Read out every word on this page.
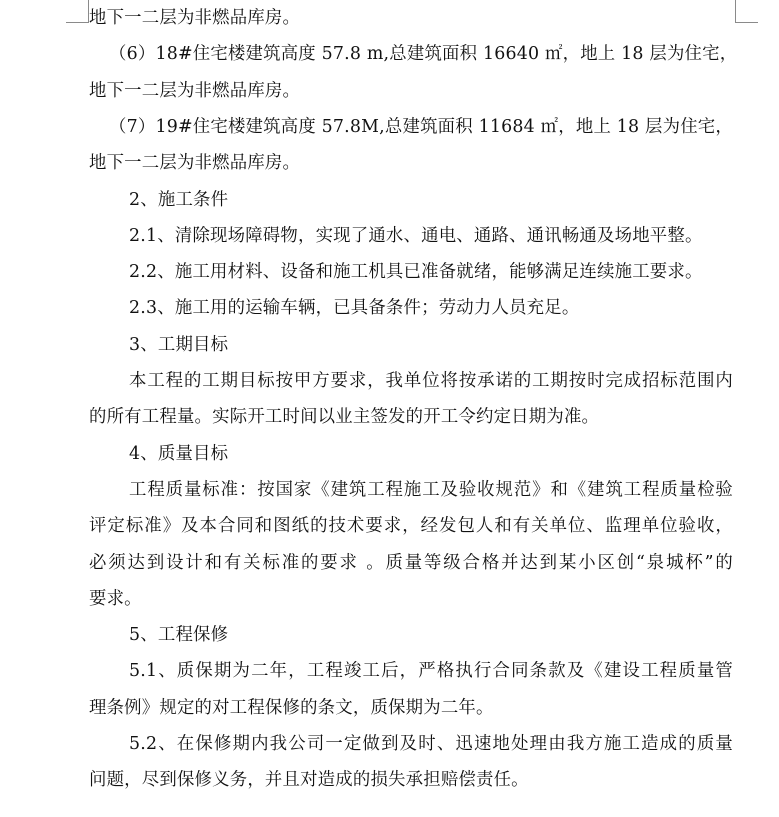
地下一二层为非燃品库房。
（6）18#住宅楼建筑高度 57.8 m,总建筑面积 16640 ㎡，地上 18 层为住宅，
地下一二层为非燃品库房。
（7）19#住宅楼建筑高度 57.8M,总建筑面积 11684 ㎡，地上 18 层为住宅，
地下一二层为非燃品库房。
2、施工条件
2.1、清除现场障碍物，实现了通水、通电、通路、通讯畅通及场地平整。
2.2、施工用材料、设备和施工机具已准备就绪，能够满足连续施工要求。
2.3、施工用的运输车辆，已具备条件；劳动力人员充足。
3、工期目标
本工程的工期目标按甲方要求，我单位将按承诺的工期按时完成招标范围内
的所有工程量。实际开工时间以业主签发的开工令约定日期为准。
4、质量目标
工程质量标准：按国家《建筑工程施工及验收规范》和《建筑工程质量检验
评定标准》及本合同和图纸的技术要求，经发包人和有关单位、监理单位验收，
必须达到设计和有关标准的要求 。质量等级合格并达到某小区创“泉城杯”的
要求。
5、工程保修
5.1、质保期为二年，工程竣工后，严格执行合同条款及《建设工程质量管
理条例》规定的对工程保修的条文，质保期为二年。
5.2、在保修期内我公司一定做到及时、迅速地处理由我方施工造成的质量
问题，尽到保修义务，并且对造成的损失承担赔偿责任。
